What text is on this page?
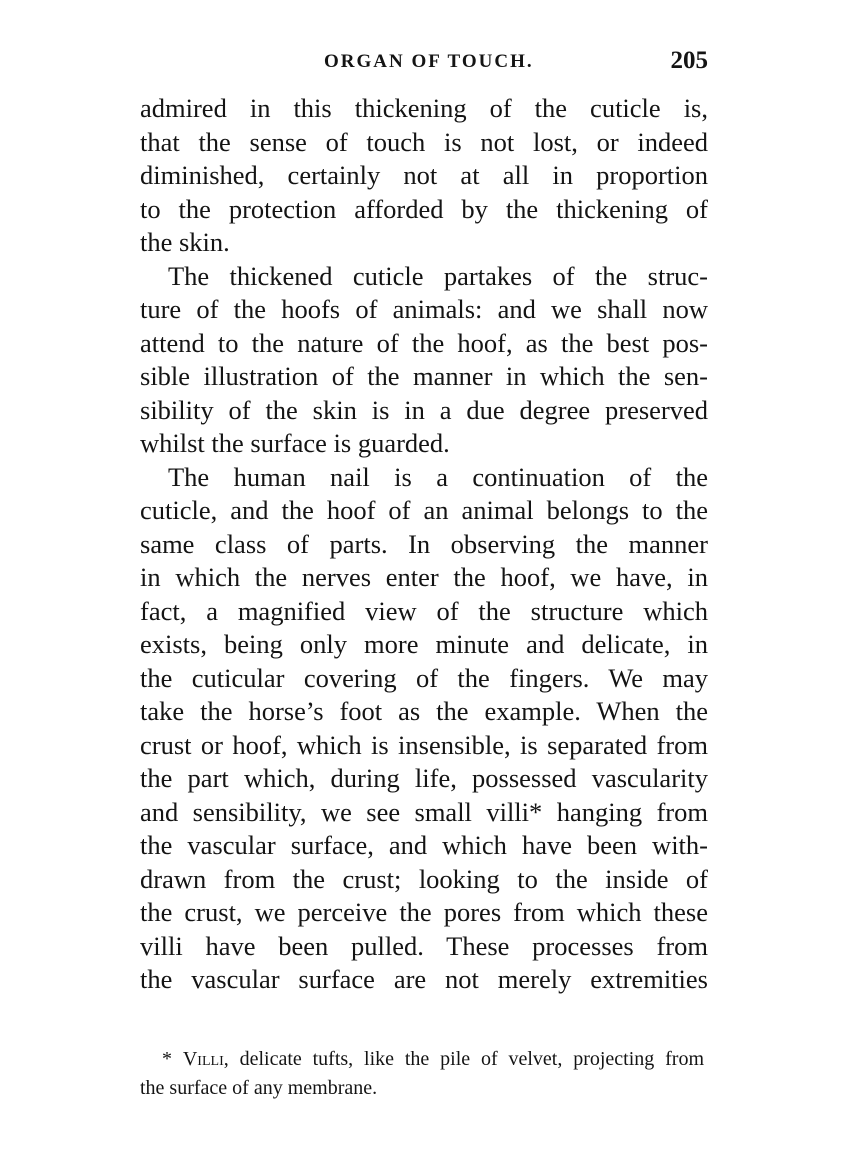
ORGAN OF TOUCH.	205
admired in this thickening of the cuticle is,
that the sense of touch is not lost, or indeed
diminished, certainly not at all in proportion
to the protection afforded by the thickening of
the skin.
The thickened cuticle partakes of the struc-
ture of the hoofs of animals: and we shall now
attend to the nature of the hoof, as the best pos-
sible illustration of the manner in which the sen-
sibility of the skin is in a due degree preserved
whilst the surface is guarded.
The human nail is a continuation of the
cuticle, and the hoof of an animal belongs to the
same class of parts. In observing the manner
in which the nerves enter the hoof, we have, in
fact, a magnified view of the structure which
exists, being only more minute and delicate, in
the cuticular covering of the fingers. We may
take the horse’s foot as the example. When the
crust or hoof, which is insensible, is separated from
the part which, during life, possessed vascularity
and sensibility, we see small villi* hanging from
the vascular surface, and which have been with-
drawn from the crust; looking to the inside of
the crust, we perceive the pores from which these
villi have been pulled. These processes from
the vascular surface are not merely extremities
* Villi, delicate tufts, like the pile of velvet, projecting from
the surface of any membrane.
